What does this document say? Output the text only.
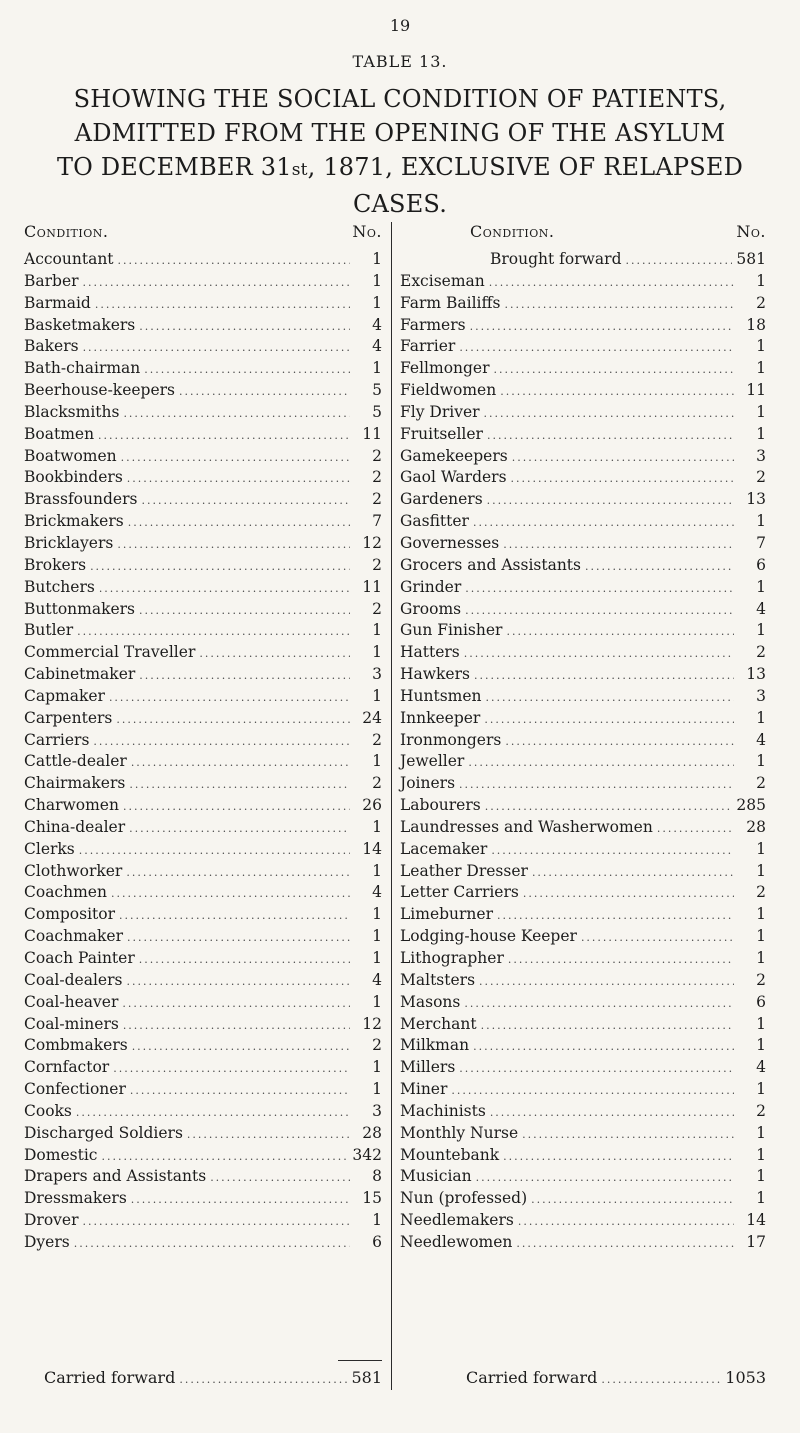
19
TABLE 13.
SHOWING THE SOCIAL CONDITION OF PATIENTS,
ADMITTED FROM THE OPENING OF THE ASYLUM
TO DECEMBER 31st, 1871, EXCLUSIVE OF RELAPSED
CASES.
Condition.	No.
Accountant .....	1
Barber .....	1
Barmaid .....	1
Basketmakers .....	4
Bakers .....	4
Bath-chairman .....	1
Beerhouse-keepers .....	5
Blacksmiths .....	5
Boatmen .....	11
Boatwomen .....	2
Bookbinders .....	2
Brassfounders .....	2
Brickmakers .....	7
Bricklayers .....	12
Brokers .....	2
Butchers .....	11
Buttonmakers .....	2
Butler .....	1
Commercial Traveller .....	1
Cabinetmaker .....	3
Capmaker .....	1
Carpenters .....	24
Carriers .....	2
Cattle-dealer .....	1
Chairmakers .....	2
Charwomen .....	26
China-dealer .....	1
Clerks .....	14
Clothworker .....	1
Coachmen .....	4
Compositor .....	1
Coachmaker .....	1
Coach Painter .....	1
Coal-dealers .....	4
Coal-heaver .....	1
Coal-miners .....	12
Combmakers .....	2
Cornfactor .....	1
Confectioner .....	1
Cooks .....	3
Discharged Soldiers .....	28
Domestic .....	342
Drapers and Assistants .....	8
Dressmakers .....	15
Drover .....	1
Dyers .....	6
Condition.	No.
Brought forward .....	581
Exciseman .....	1
Farm Bailiffs .....	2
Farmers .....	18
Farrier .....	1
Fellmonger .....	1
Fieldwomen .....	11
Fly Driver .....	1
Fruitseller .....	1
Gamekeepers .....	3
Gaol Warders .....	2
Gardeners .....	13
Gasfitter .....	1
Governesses .....	7
Grocers and Assistants .....	6
Grinder .....	1
Grooms .....	4
Gun Finisher .....	1
Hatters .....	2
Hawkers .....	13
Huntsmen .....	3
Innkeeper .....	1
Ironmongers .....	4
Jeweller .....	1
Joiners .....	2
Labourers .....	285
Laundresses and Washerwomen .....	28
Lacemaker .....	1
Leather Dresser .....	1
Letter Carriers .....	2
Limeburner .....	1
Lodging-house Keeper .....	1
Lithographer .....	1
Maltsters .....	2
Masons .....	6
Merchant .....	1
Milkman .....	1
Millers .....	4
Miner .....	1
Machinists .....	2
Monthly Nurse .....	1
Mountebank .....	1
Musician .....	1
Nun (professed) .....	1
Needlemakers .....	14
Needlewomen .....	17
Carried forward .....	581	Carried forward .....	1053
